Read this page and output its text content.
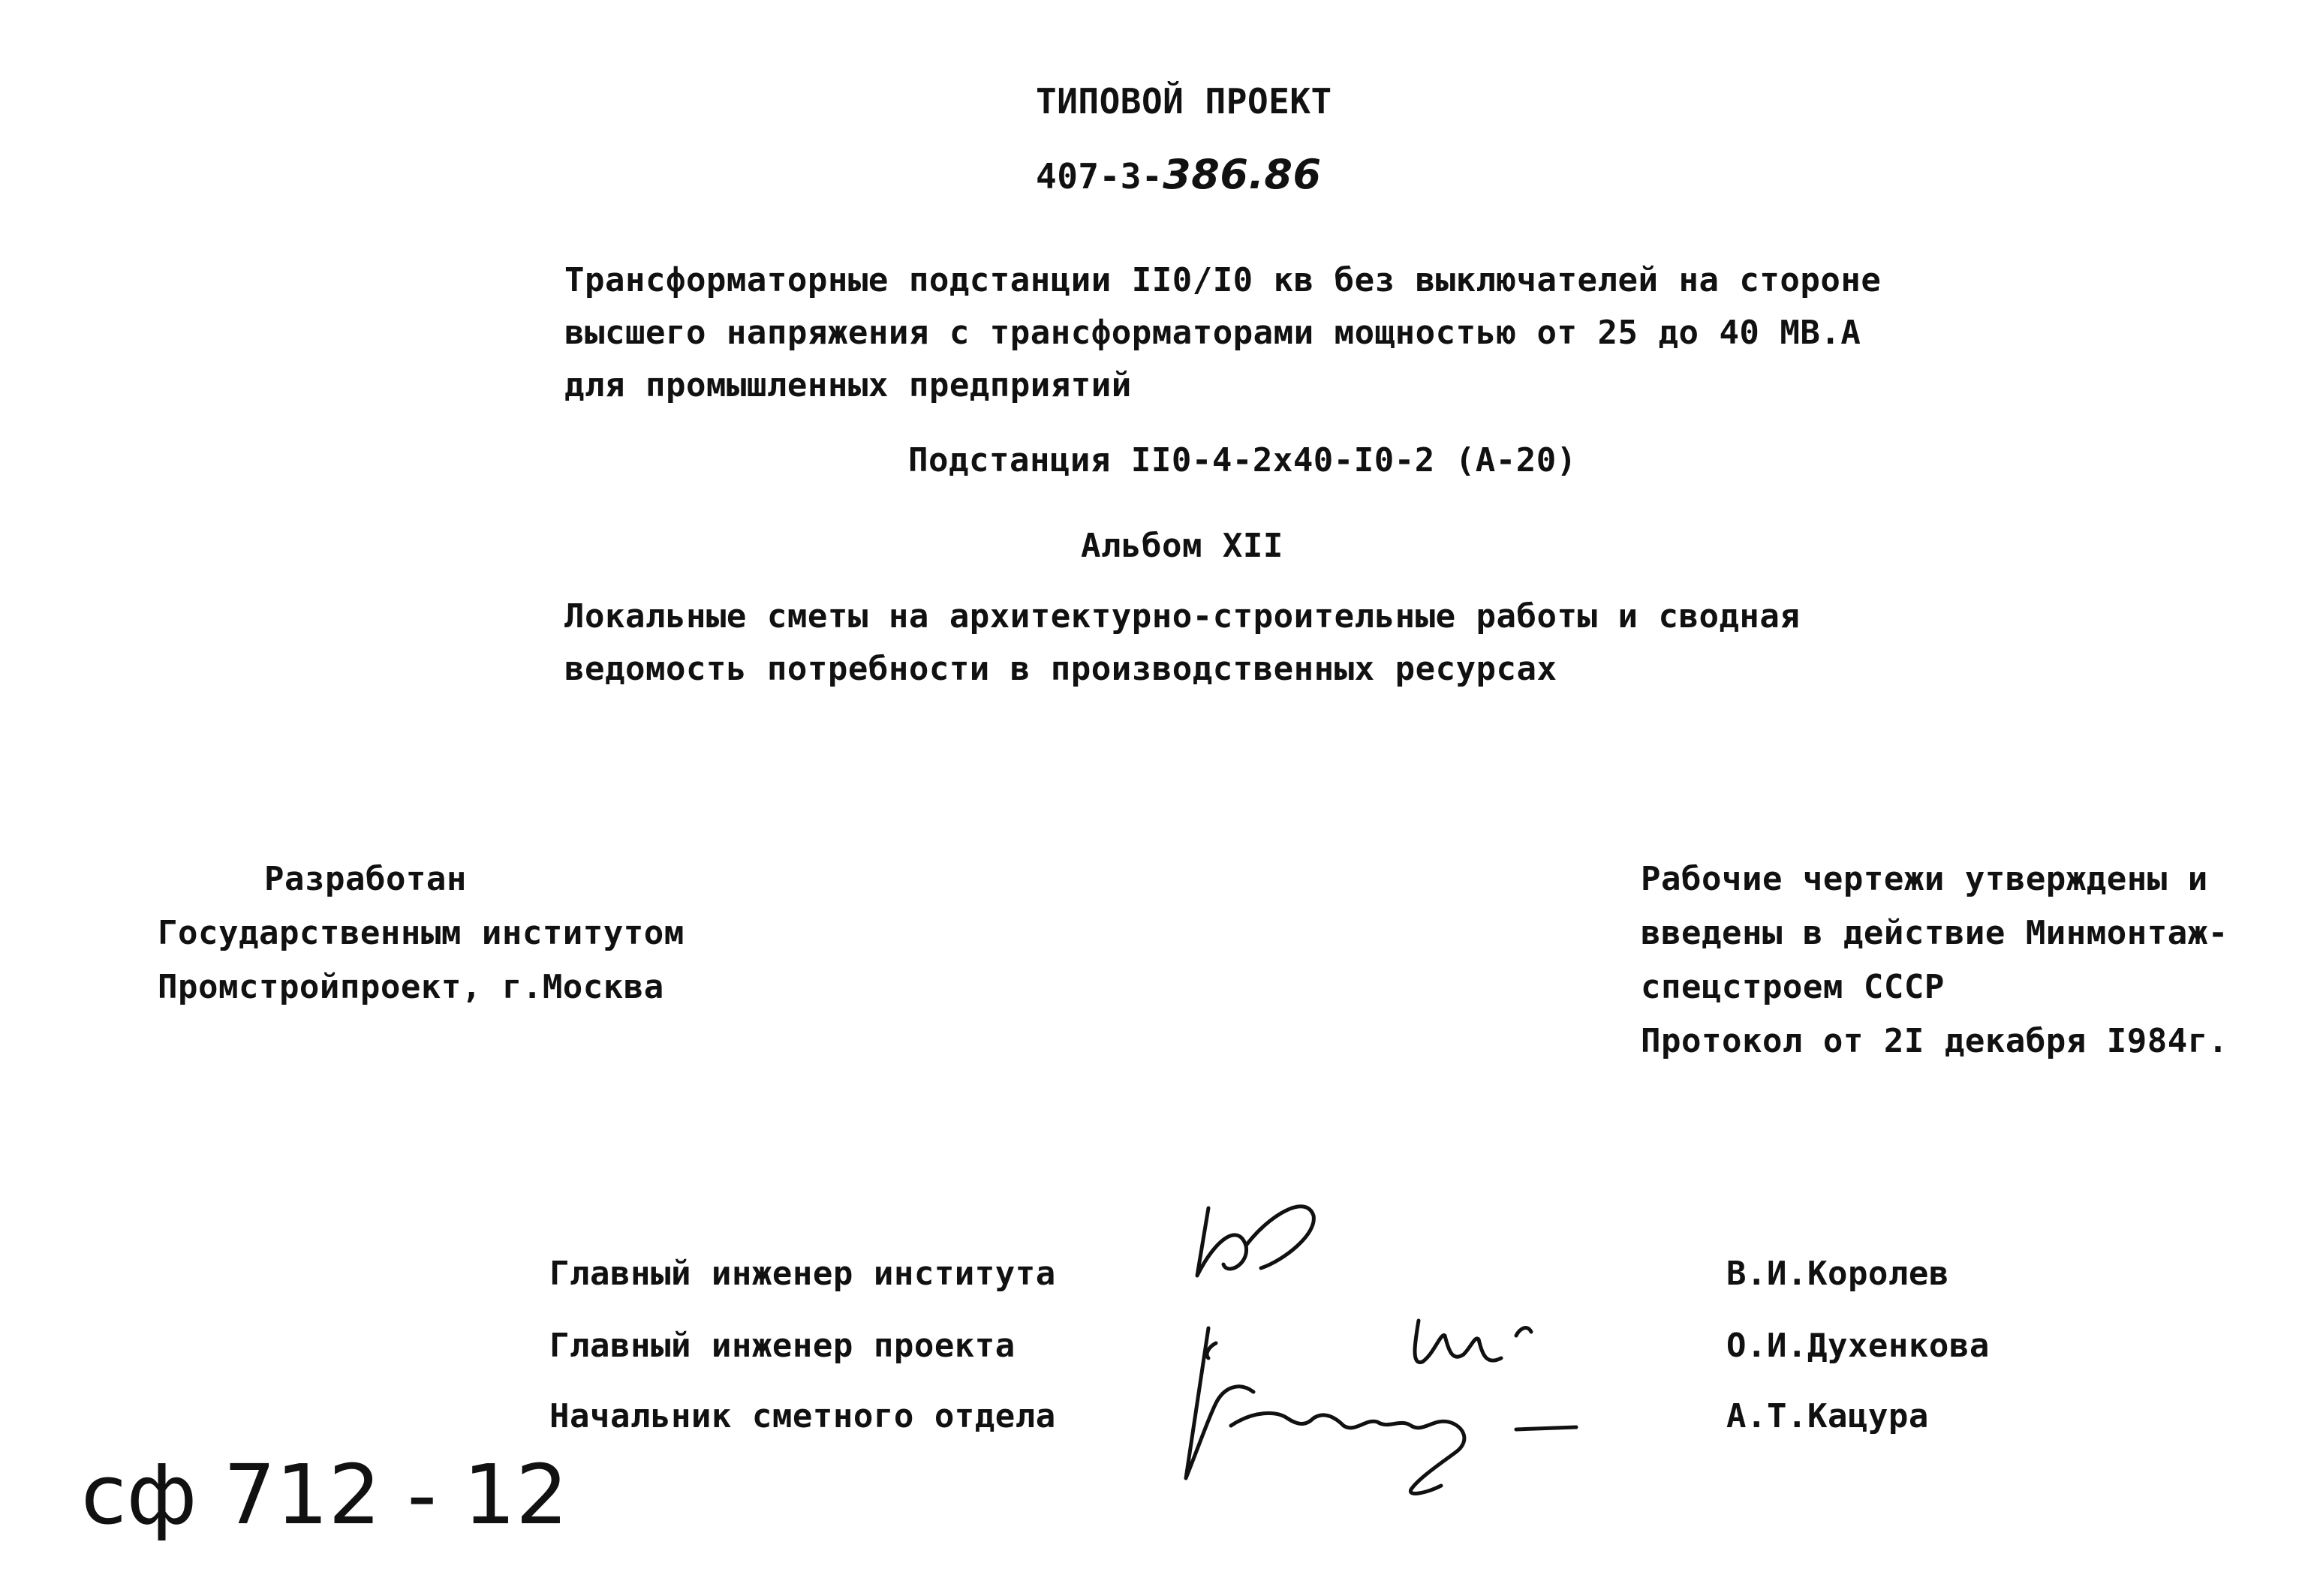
ТИПОВОЙ ПРОЕКТ
407-3-386.86
Трансформаторные подстанции II0/I0 кв без выключателей на стороне
высшего напряжения с трансформаторами мощностью от 25 до 40 МВ.А
для промышленных предприятий
Подстанция II0-4-2x40-I0-2 (А-20)
Альбом XII
Локальные сметы на архитектурно-строительные работы и сводная
ведомость потребности в производственных ресурсах
Разработан
Государственным институтом
Промстройпроект, г.Москва
Рабочие чертежи утверждены и
введены в действие Минмонтаж-
спецстроем СССР
Протокол от 2I декабря I984г.
Главный инженер института
Главный инженер проекта
Начальник сметного отдела
В.И.Королев
О.И.Духенкова
А.Т.Кацура
сф 712 - 12
